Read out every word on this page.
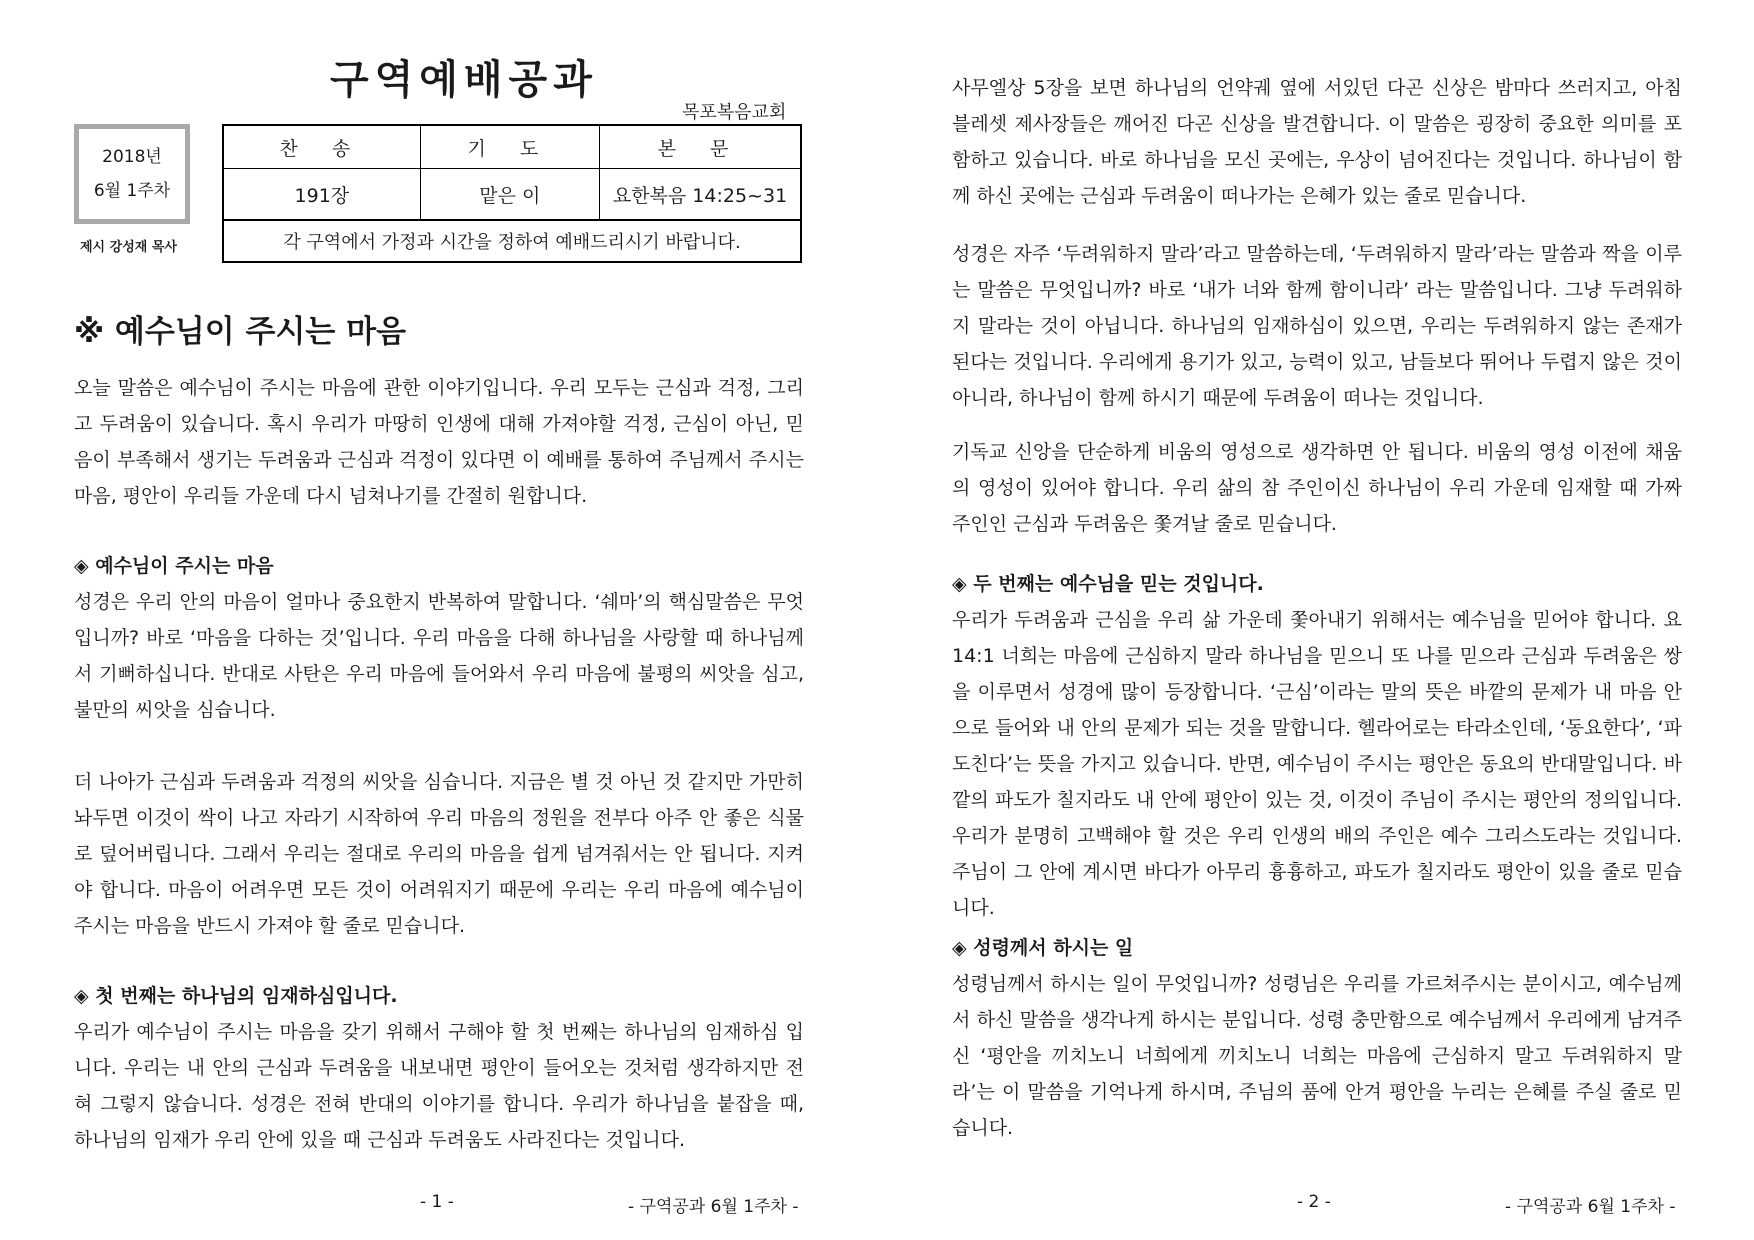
구역예배공과
목포복음교회
2018년
6월 1주차
제시 강성재 목사
찬 송	기 도	본 문
191장	맡은 이	요한복음 14:25~31
각 구역에서 가정과 시간을 정하여 예배드리시기 바랍니다.		
※ 예수님이 주시는 마음

오늘 말씀은 예수님이 주시는 마음에 관한 이야기입니다. 우리 모두는 근심과 걱정, 그리고 두려움이 있습니다. 혹시 우리가 마땅히 인생에 대해 가져야할 걱정, 근심이 아닌, 믿음이 부족해서 생기는 두려움과 근심과 걱정이 있다면 이 예배를 통하여 주님께서 주시는 마음, 평안이 우리들 가운데 다시 넘쳐나기를 간절히 원합니다.

◈ 예수님이 주시는 마음

성경은 우리 안의 마음이 얼마나 중요한지 반복하여 말합니다. ‘쉐마’의 핵심말씀은 무엇입니까? 바로 ‘마음을 다하는 것’입니다. 우리 마음을 다해 하나님을 사랑할 때 하나님께서 기뻐하십니다. 반대로 사탄은 우리 마음에 들어와서 우리 마음에 불평의 씨앗을 심고, 불만의 씨앗을 심습니다.

더 나아가 근심과 두려움과 걱정의 씨앗을 심습니다. 지금은 별 것 아닌 것 같지만 가만히 놔두면 이것이 싹이 나고 자라기 시작하여 우리 마음의 정원을 전부다 아주 안 좋은 식물로 덮어버립니다. 그래서 우리는 절대로 우리의 마음을 쉽게 넘겨줘서는 안 됩니다. 지켜야 합니다. 마음이 어려우면 모든 것이 어려워지기 때문에 우리는 우리 마음에 예수님이 주시는 마음을 반드시 가져야 할 줄로 믿습니다.

◈ 첫 번째는 하나님의 임재하심입니다.

우리가 예수님이 주시는 마음을 갖기 위해서 구해야 할 첫 번째는 하나님의 임재하심 입니다. 우리는 내 안의 근심과 두려움을 내보내면 평안이 들어오는 것처럼 생각하지만 전혀 그렇지 않습니다. 성경은 전혀 반대의 이야기를 합니다. 우리가 하나님을 붙잡을 때, 하나님의 임재가 우리 안에 있을 때 근심과 두려움도 사라진다는 것입니다.

- 1 -	- 구역공과 6월 1주차 -

사무엘상 5장을 보면 하나님의 언약궤 옆에 서있던 다곤 신상은 밤마다 쓰러지고, 아침 블레셋 제사장들은 깨어진 다곤 신상을 발견합니다. 이 말씀은 굉장히 중요한 의미를 포함하고 있습니다. 바로 하나님을 모신 곳에는, 우상이 넘어진다는 것입니다. 하나님이 함께 하신 곳에는 근심과 두려움이 떠나가는 은혜가 있는 줄로 믿습니다.

성경은 자주 ‘두려워하지 말라’라고 말씀하는데, ‘두려워하지 말라’라는 말씀과 짝을 이루는 말씀은 무엇입니까? 바로 ‘내가 너와 함께 함이니라’ 라는 말씀입니다. 그냥 두려워하지 말라는 것이 아닙니다. 하나님의 임재하심이 있으면, 우리는 두려워하지 않는 존재가 된다는 것입니다. 우리에게 용기가 있고, 능력이 있고, 남들보다 뛰어나 두렵지 않은 것이 아니라, 하나님이 함께 하시기 때문에 두려움이 떠나는 것입니다.

기독교 신앙을 단순하게 비움의 영성으로 생각하면 안 됩니다. 비움의 영성 이전에 채움의 영성이 있어야 합니다. 우리 삶의 참 주인이신 하나님이 우리 가운데 임재할 때 가짜 주인인 근심과 두려움은 쫓겨날 줄로 믿습니다.

◈ 두 번째는 예수님을 믿는 것입니다.

우리가 두려움과 근심을 우리 삶 가운데 쫓아내기 위해서는 예수님을 믿어야 합니다. 요 14:1 너희는 마음에 근심하지 말라 하나님을 믿으니 또 나를 믿으라 근심과 두려움은 쌍을 이루면서 성경에 많이 등장합니다. ‘근심’이라는 말의 뜻은 바깥의 문제가 내 마음 안으로 들어와 내 안의 문제가 되는 것을 말합니다. 헬라어로는 타라소인데, ‘동요한다’, ‘파도친다’는 뜻을 가지고 있습니다. 반면, 예수님이 주시는 평안은 동요의 반대말입니다. 바깥의 파도가 칠지라도 내 안에 평안이 있는 것, 이것이 주님이 주시는 평안의 정의입니다. 우리가 분명히 고백해야 할 것은 우리 인생의 배의 주인은 예수 그리스도라는 것입니다. 주님이 그 안에 계시면 바다가 아무리 흉흉하고, 파도가 칠지라도 평안이 있을 줄로 믿습니다.

◈ 성령께서 하시는 일

성령님께서 하시는 일이 무엇입니까? 성령님은 우리를 가르쳐주시는 분이시고, 예수님께서 하신 말씀을 생각나게 하시는 분입니다. 성령 충만함으로 예수님께서 우리에게 남겨주신 ‘평안을 끼치노니 너희에게 끼치노니 너희는 마음에 근심하지 말고 두려워하지 말라’는 이 말씀을 기억나게 하시며, 주님의 품에 안겨 평안을 누리는 은혜를 주실 줄로 믿습니다.

- 2 -	- 구역공과 6월 1주차 -
